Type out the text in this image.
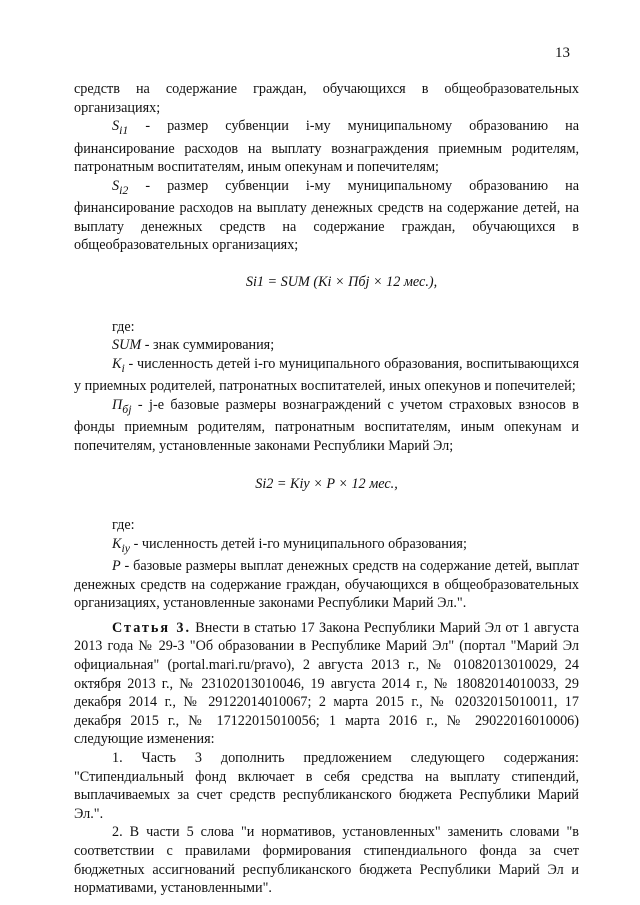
13

средств на содержание граждан, обучающихся в общеобразовательных организациях;

$S_{i1}$ - размер субвенции i-му муниципальному образованию на финансирование расходов на выплату вознаграждения приемным родителям, патронатным воспитателям, иным опекунам и попечителям;

$S_{i2}$ - размер субвенции i-му муниципальному образованию на финансирование расходов на выплату денежных средств на содержание детей, на выплату денежных средств на содержание граждан, обучающихся в общеобразовательных организациях;

Si1 = SUM (Ki × Пбj × 12 мес.),

где:

SUM - знак суммирования;

$K_i$ - численность детей i-го муниципального образования, воспитывающихся у приемных родителей, патронатных воспитателей, иных опекунов и попечителей;

$П_{бj} - j-е$ базовые размеры вознаграждений с учетом страховых взносов в фонды приемным родителям, патронатным воспитателям, иным опекунам и попечителям, установленные законами Республики Марий Эл;

Si2 = Kiу × P × 12 мес.,

где:

$K_{iу}$ - численность детей i-го муниципального образования;

P - базовые размеры выплат денежных средств на содержание детей, выплат денежных средств на содержание граждан, обучающихся в общеобразовательных организациях, установленные законами Республики Марий Эл.".

Статья 3. Внести в статью 17 Закона Республики Марий Эл от 1 августа 2013 года № 29-З "Об образовании в Республике Марий Эл" (портал "Марий Эл официальная" (portal.mari.ru/pravo), 2 августа 2013 г., № 01082013010029, 24 октября 2013 г., № 23102013010046, 19 августа 2014 г., № 18082014010033, 29 декабря 2014 г., № 29122014010067; 2 марта 2015 г., № 02032015010011, 17 декабря 2015 г., № 17122015010056; 1 марта 2016 г., № 29022016010006) следующие изменения:

1. Часть 3 дополнить предложением следующего содержания: "Стипендиальный фонд включает в себя средства на выплату стипендий, выплачиваемых за счет средств республиканского бюджета Республики Марий Эл.".

2. В части 5 слова "и нормативов, установленных" заменить словами "в соответствии с правилами формирования стипендиального фонда за счет бюджетных ассигнований республиканского бюджета Республики Марий Эл и нормативами, установленными".
